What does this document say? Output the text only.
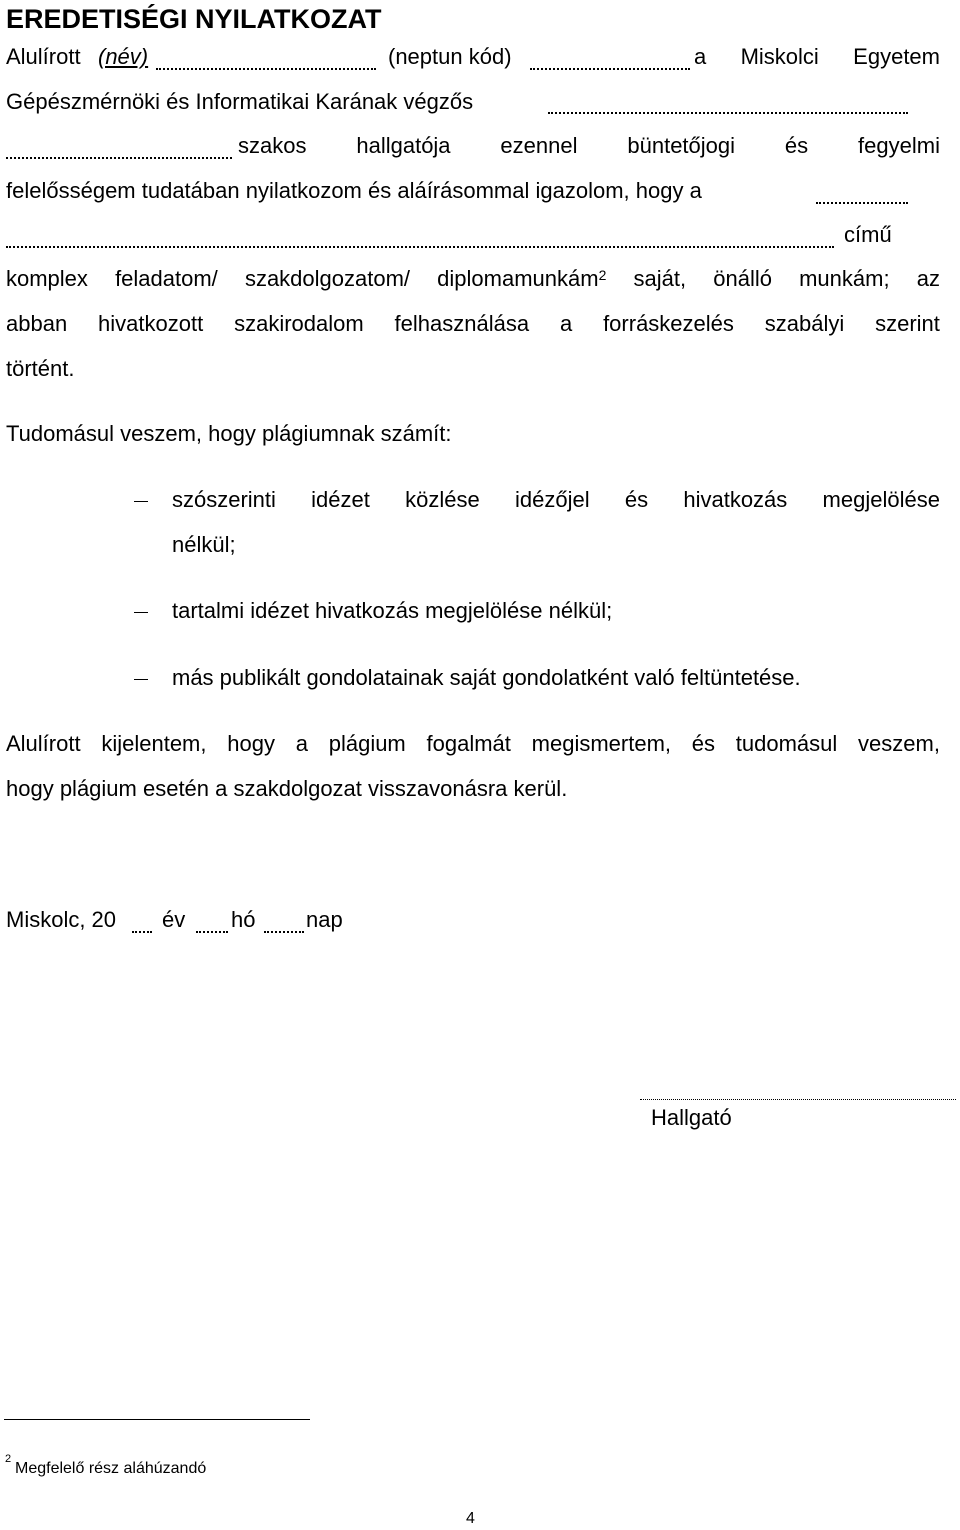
EREDETISÉGI NYILATKOZAT
Alulírott (név)	(neptun kód)	a Miskolci Egyetem
Gépészmérnöki és Informatikai Karának végzős
szakos hallgatója ezennel büntetőjogi és fegyelmi
felelősségem tudatában nyilatkozom és aláírásommal igazolom, hogy a
című
komplex feladatom/ szakdolgozatom/ diplomamunkám$^2$ saját, önálló munkám; az
abban hivatkozott szakirodalom felhasználása a forráskezelés szabályi szerint
történt.
Tudomásul veszem, hogy plágiumnak számít:
szószerinti idézet közlése idézőjel és hivatkozás megjelölése
nélkül;
tartalmi idézet hivatkozás megjelölése nélkül;
más publikált gondolatainak saját gondolatként való feltüntetése.
Alulírott kijelentem, hogy a plágium fogalmát megismertem, és tudomásul veszem,
hogy plágium esetén a szakdolgozat visszavonásra kerül.
Miskolc, 20 év hó nap
Hallgató
2
Megfelelő rész aláhúzandó
4
